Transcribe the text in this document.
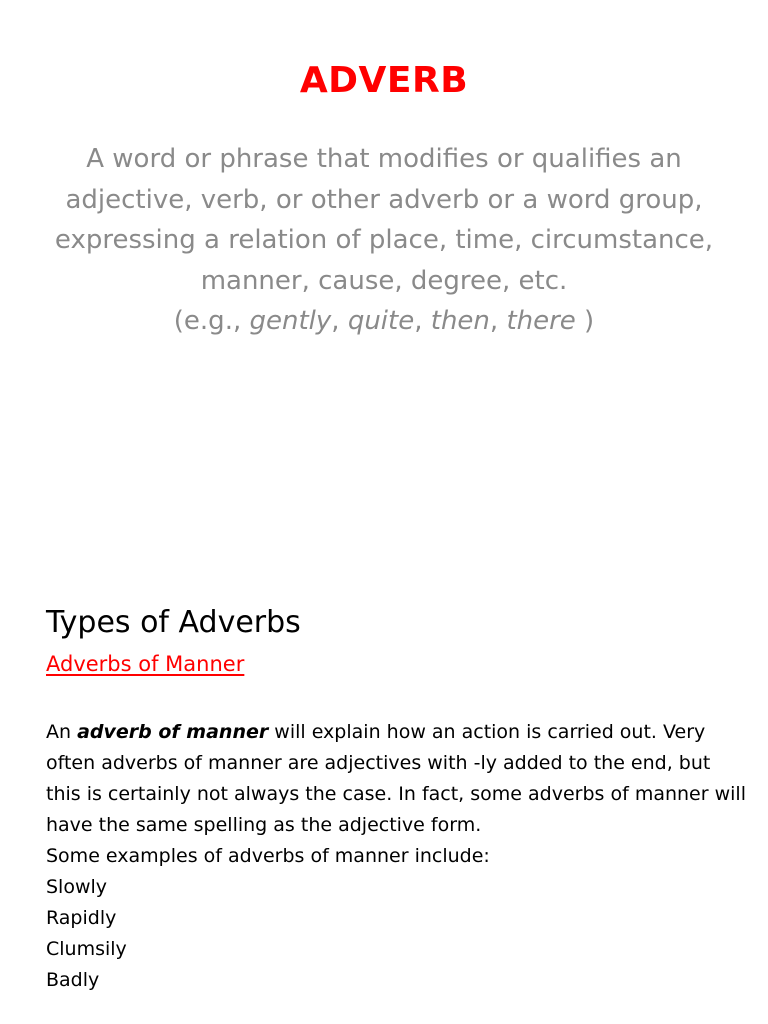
ADVERB
A word or phrase that modifies or qualifies an adjective, verb, or other adverb or a word group, expressing a relation of place, time, circumstance, manner, cause, degree, etc.
(e.g., gently, quite, then, there )
Types of Adverbs
Adverbs of Manner

An adverb of manner will explain how an action is carried out. Very often adverbs of manner are adjectives with -ly added to the end, but this is certainly not always the case. In fact, some adverbs of manner will have the same spelling as the adjective form.

Some examples of adverbs of manner include:

Slowly
Rapidly
Clumsily
Badly
